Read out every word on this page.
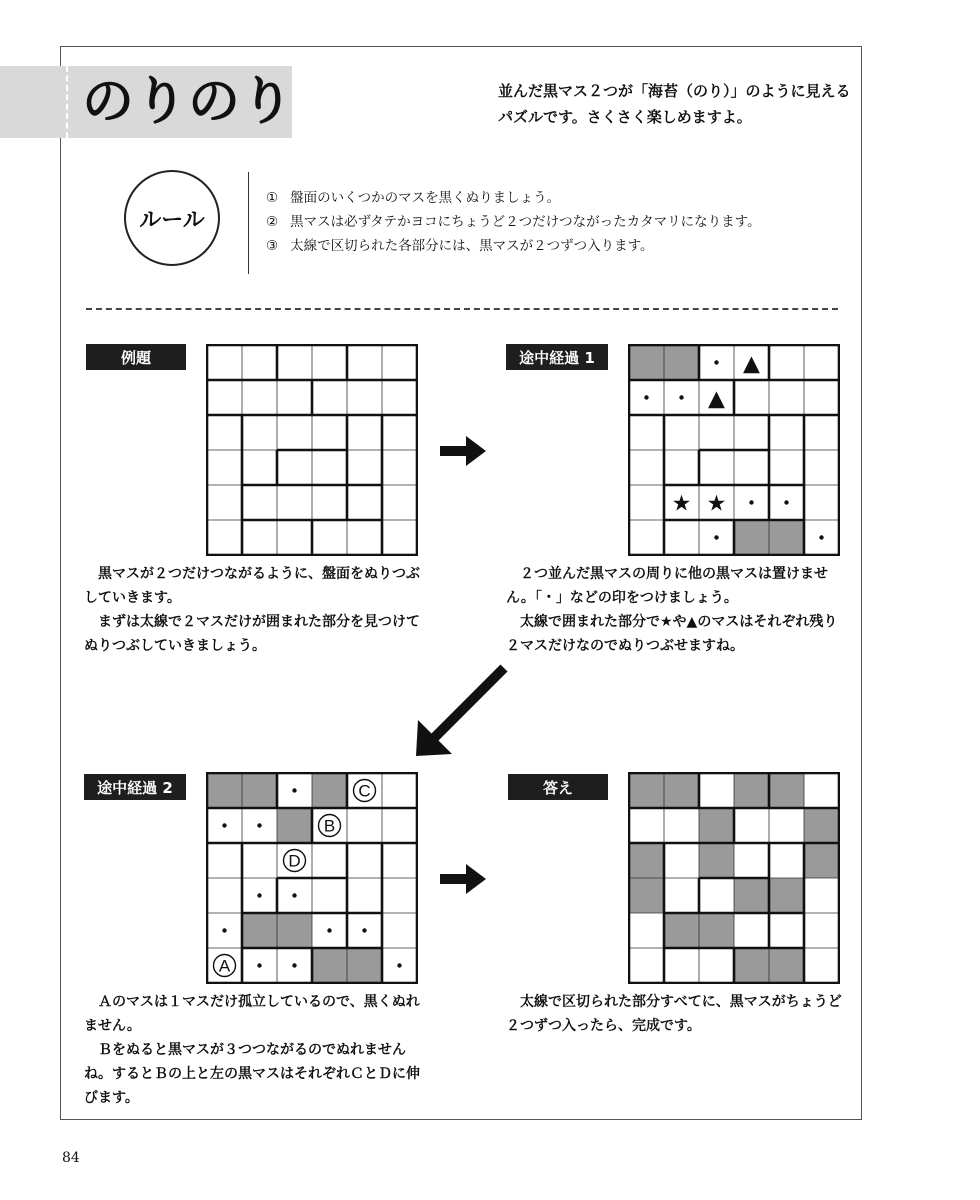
のりのり	並んだ黒マス２つが「海苔（のり）」のように見えるパズルです。さくさく楽しめますよ。
ルール
① 盤面のいくつかのマスを黒くぬりましょう。
② 黒マスは必ずタテかヨコにちょうど２つだけつながったカタマリになります。
③ 太線で区切られた各部分には、黒マスが２つずつ入ります。
例題

黒マスが２つだけつながるように、盤面をぬりつぶしていきます。

まずは太線で２マスだけが囲まれた部分を見つけてぬりつぶしていきましょう。

途中経過 1	▲
▲
★ ★

２つ並んだ黒マスの周りに他の黒マスは置けません。「・」などの印をつけましょう。

太線で囲まれた部分で★や▲のマスはそれぞれ残り２マスだけなのでぬりつぶせますね。

途中経過 2	C
B
D
A

Ａのマスは１マスだけ孤立しているので、黒くぬれません。

Ｂをぬると黒マスが３つつながるのでぬれませんね。するとＢの上と左の黒マスはそれぞれＣとＤに伸びます。

答え

太線で区切られた部分すべてに、黒マスがちょうど２つずつ入ったら、完成です。

84
